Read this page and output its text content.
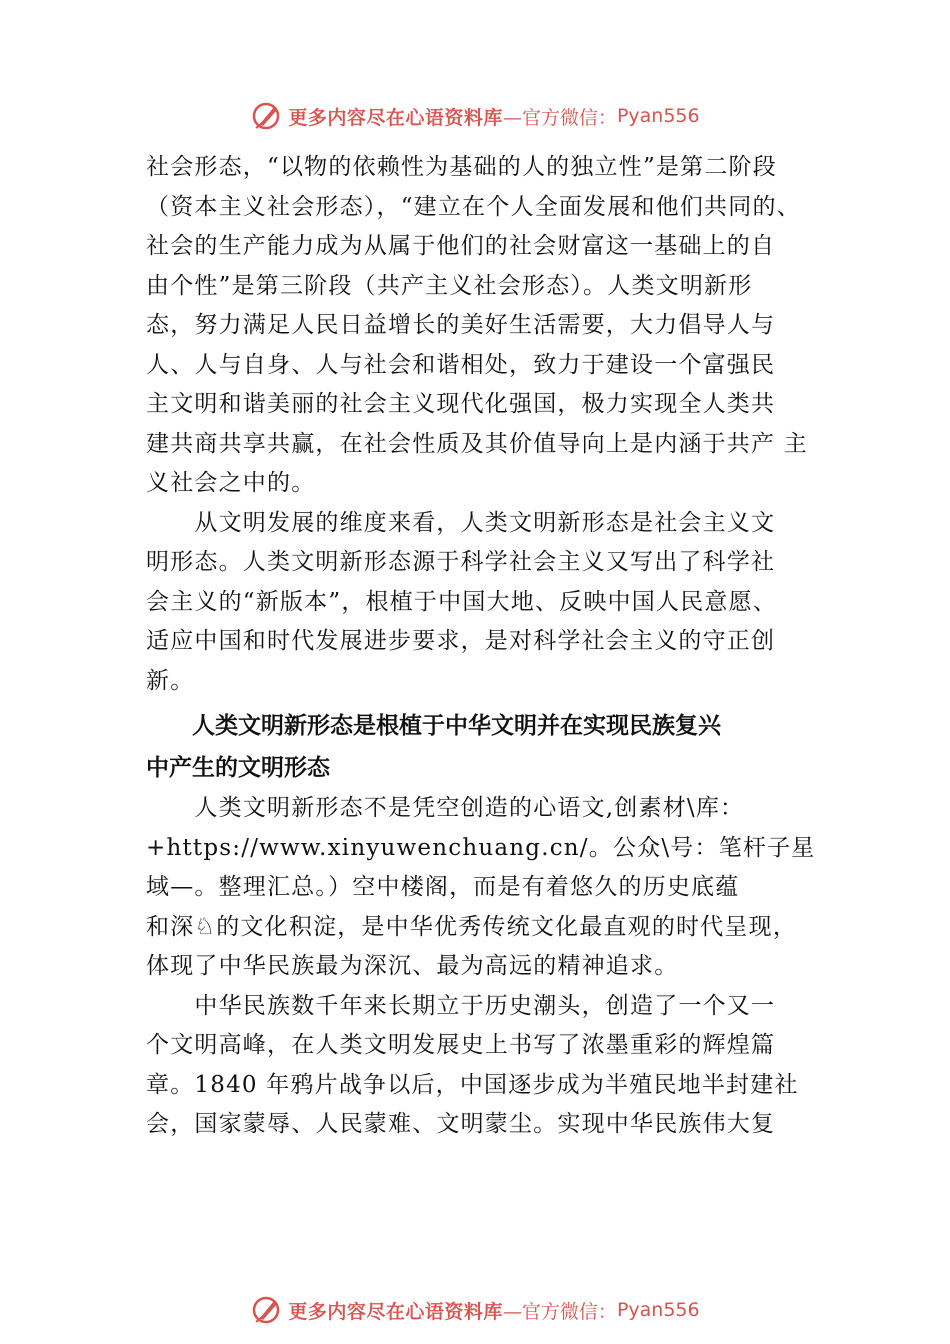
更多内容尽在心语资料库 —官方微信： Pyan556
社会形态，“以物的依赖性为基础的人的独立性”是第二阶段
（资本主义社会形态），“建立在个人全面发展和他们共同的、
社会的生产能力成为从属于他们的社会财富这一基础上的自
由个性”是第三阶段（共产主义社会形态）。人类文明新形
态，努力满足人民日益增长的美好生活需要，大力倡导人与
人、人与自身、人与社会和谐相处，致力于建设一个富强民
主文明和谐美丽的社会主义现代化强国，极力实现全人类共
建共商共享共赢，在社会性质及其价值导向上是内涵于共产 主
义社会之中的。
　　从文明发展的维度来看，人类文明新形态是社会主义文
明形态。人类文明新形态源于科学社会主义又写出了科学社
会主义的“新版本”，根植于中国大地、反映中国人民意愿、
适应中国和时代发展进步要求，是对科学社会主义的守正创
新。
　　人类文明新形态是根植于中华文明并在实现民族复兴
中产生的文明形态
　　人类文明新形态不是凭空创造的心语文,创素材\库：
+https://www.xinyuwenchuang.cn/。公众\号：笔杆子星
域—。整理汇总。）空中楼阁，而是有着悠久的历史底蕴
和深♘的文化积淀，是中华优秀传统文化最直观的时代呈现，
体现了中华民族最为深沉、最为高远的精神追求。
　　中华民族数千年来长期立于历史潮头，创造了一个又一
个文明高峰，在人类文明发展史上书写了浓墨重彩的辉煌篇
章。1840 年鸦片战争以后，中国逐步成为半殖民地半封建社
会，国家蒙辱、人民蒙难、文明蒙尘。实现中华民族伟大复
更多内容尽在心语资料库 —官方微信： Pyan556
